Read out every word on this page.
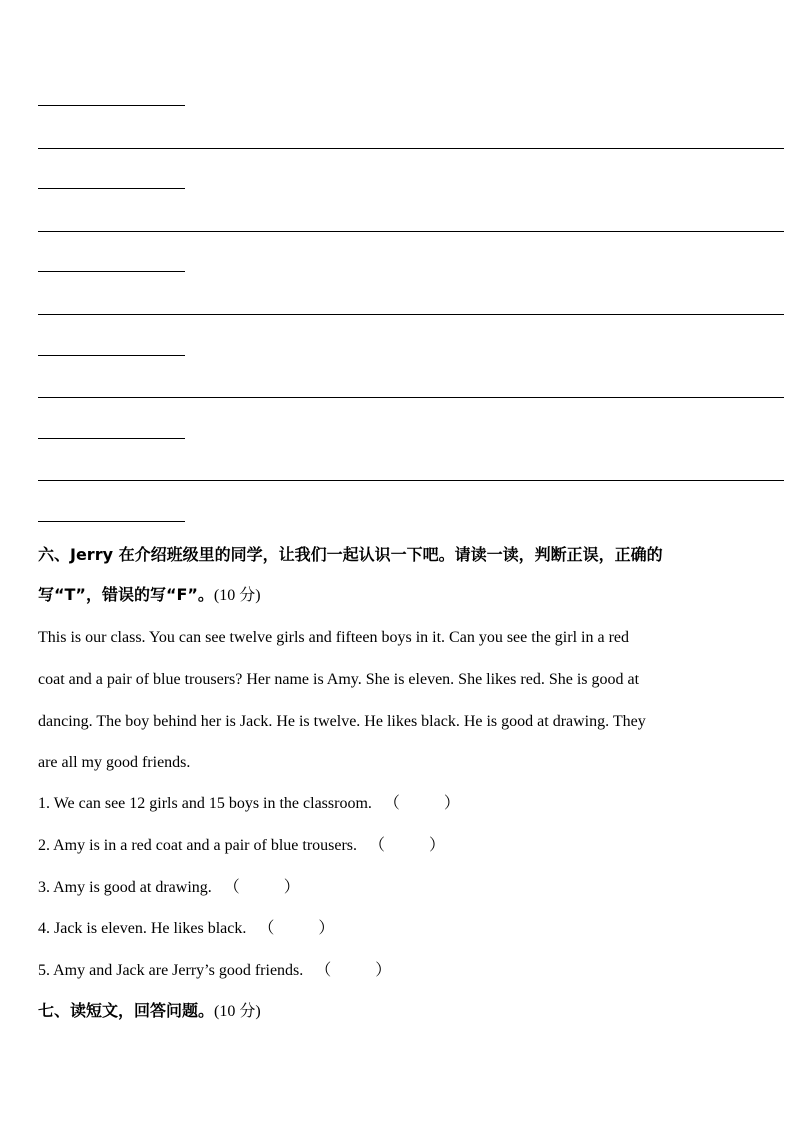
六、Jerry 在介绍班级里的同学，让我们一起认识一下吧。请读一读，判断正误，正确的
写“T”，错误的写“F”。(10 分)
This is our class. You can see twelve girls and fifteen boys in it. Can you see the girl in a red
coat and a pair of blue trousers? Her name is Amy. She is eleven. She likes red. She is good at
dancing. The boy behind her is Jack. He is twelve. He likes black. He is good at drawing. They
are all my good friends.
1. We can see 12 girls and 15 boys in the classroom. （	）
2. Amy is in a red coat and a pair of blue trousers. （	）
3. Amy is good at drawing. （	）
4. Jack is eleven. He likes black. （	）
5. Amy and Jack are Jerry’s good friends. （	）
七、读短文，回答问题。(10 分)
